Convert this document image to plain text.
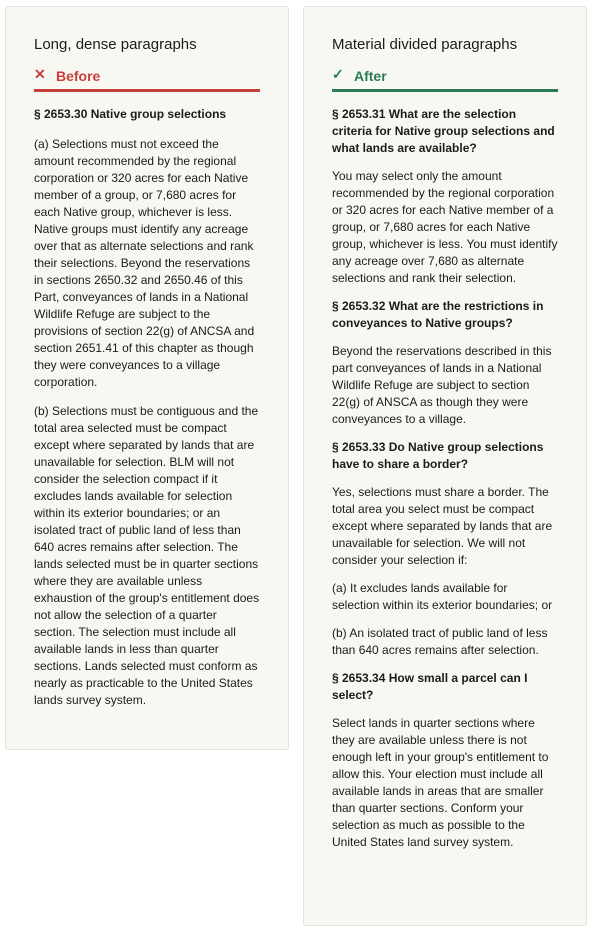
Long, dense paragraphs
✕ Before

§ 2653.30 Native group selections

(a) Selections must not exceed the amount recommended by the regional corporation or 320 acres for each Native member of a group, or 7,680 acres for each Native group, whichever is less. Native groups must identify any acreage over that as alternate selections and rank their selections. Beyond the reservations in sections 2650.32 and 2650.46 of this Part, conveyances of lands in a National Wildlife Refuge are subject to the provisions of section 22(g) of ANCSA and section 2651.41 of this chapter as though they were conveyances to a village corporation.

(b) Selections must be contiguous and the total area selected must be compact except where separated by lands that are unavailable for selection. BLM will not consider the selection compact if it excludes lands available for selection within its exterior boundaries; or an isolated tract of public land of less than 640 acres remains after selection. The lands selected must be in quarter sections where they are available unless exhaustion of the group's entitlement does not allow the selection of a quarter section. The selection must include all available lands in less than quarter sections. Lands selected must conform as nearly as practicable to the United States lands survey system.

Material divided paragraphs
✓ After

§ 2653.31 What are the selection criteria for Native group selections and what lands are available?

You may select only the amount recommended by the regional corporation or 320 acres for each Native member of a group, or 7,680 acres for each Native group, whichever is less. You must identify any acreage over 7,680 as alternate selections and rank their selection.

§ 2653.32 What are the restrictions in conveyances to Native groups?

Beyond the reservations described in this part conveyances of lands in a National Wildlife Refuge are subject to section 22(g) of ANSCA as though they were conveyances to a village.

§ 2653.33 Do Native group selections have to share a border?

Yes, selections must share a border. The total area you select must be compact except where separated by lands that are unavailable for selection. We will not consider your selection if:

(a) It excludes lands available for selection within its exterior boundaries; or

(b) An isolated tract of public land of less than 640 acres remains after selection.

§ 2653.34 How small a parcel can I select?

Select lands in quarter sections where they are available unless there is not enough left in your group's entitlement to allow this. Your election must include all available lands in areas that are smaller than quarter sections. Conform your selection as much as possible to the United States land survey system.
